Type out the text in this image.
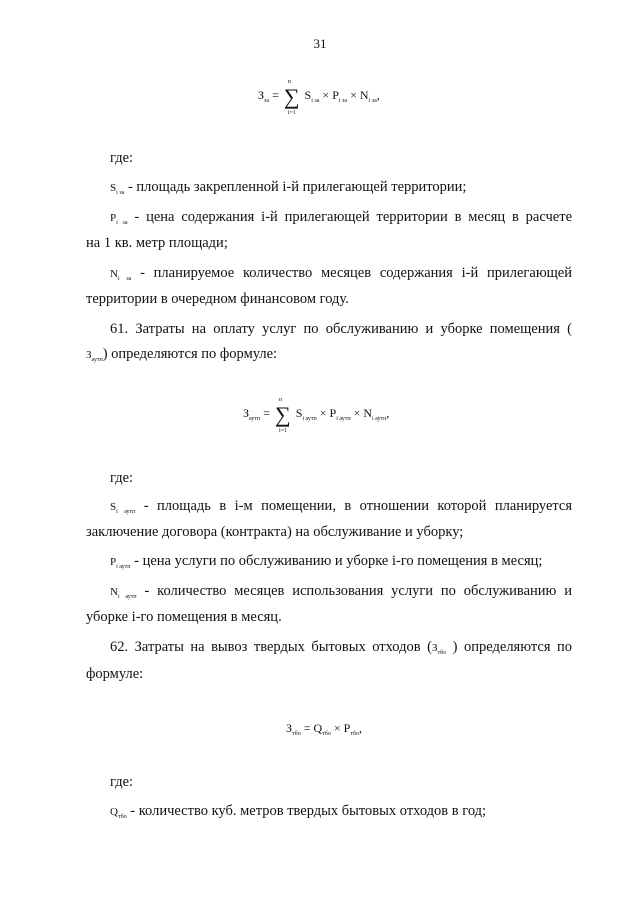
31
$З_{за}$ = ∑
n
i=1
$S_{i за} \times P_{i за} \times N_{i за}$,
где:
$S_{i за}$ - площадь закрепленной i-й прилегающей территории;
$P_{i за}$ - цена содержания i-й прилегающей территории в месяц в расчете
на 1 кв. метр площади;
$N_{i за}$ - планируемое количество месяцев содержания i-й прилегающей
территории в очередном финансовом году.
61. Затраты на оплату услуг по обслуживанию и уборке помещения (
$З_{аутп}$) определяются по формуле:
$З_{аутп}$ = ∑
n
i=1
$S_{i аутп} \times P_{i аутп} \times N_{i аутп}$,
где:
$S_{i аутп}$ - площадь в i-м помещении, в отношении которой планируется
заключение договора (контракта) на обслуживание и уборку;
$P_{i аутп}$ - цена услуги по обслуживанию и уборке i-го помещения в месяц;
$N_{i аутп}$ - количество месяцев использования услуги по обслуживанию и
уборке i-го помещения в месяц.
62. Затраты на вывоз твердых бытовых отходов ($З_{тбо}$ ) определяются по
формуле:
$З_{тбо} = Q_{тбо} \times P_{тбо}$,
где:
$Q_{тбо}$ - количество куб. метров твердых бытовых отходов в год;
